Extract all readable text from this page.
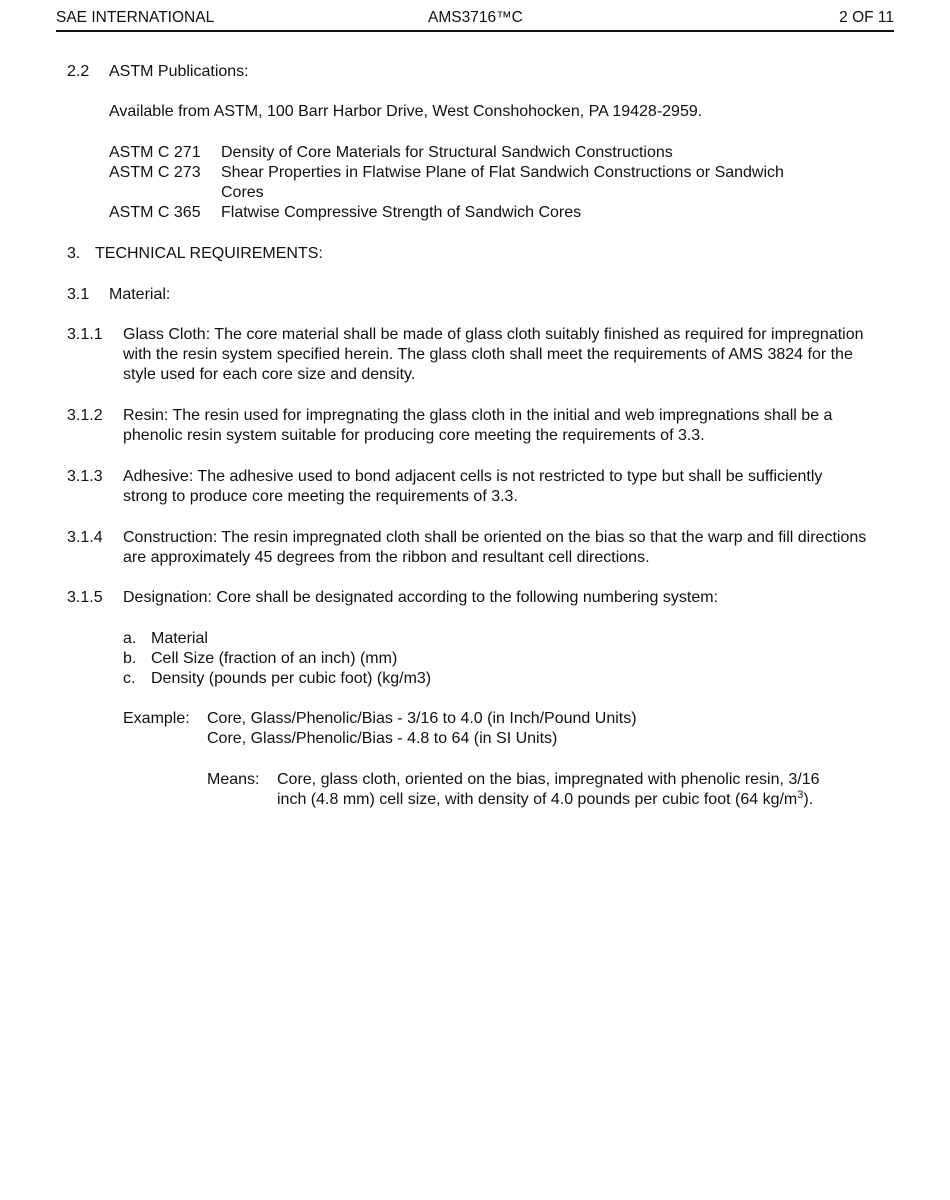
SAE INTERNATIONAL	AMS3716™C	2 OF 11
2.2 ASTM Publications:
Available from ASTM, 100 Barr Harbor Drive, West Conshohocken, PA 19428-2959.
ASTM C 271 Density of Core Materials for Structural Sandwich Constructions
ASTM C 273 Shear Properties in Flatwise Plane of Flat Sandwich Constructions or Sandwich Cores
ASTM C 365 Flatwise Compressive Strength of Sandwich Cores
3. TECHNICAL REQUIREMENTS:
3.1 Material:
3.1.1 Glass Cloth: The core material shall be made of glass cloth suitably finished as required for impregnation with the resin system specified herein. The glass cloth shall meet the requirements of AMS 3824 for the style used for each core size and density.
3.1.2 Resin: The resin used for impregnating the glass cloth in the initial and web impregnations shall be a phenolic resin system suitable for producing core meeting the requirements of 3.3.
3.1.3 Adhesive: The adhesive used to bond adjacent cells is not restricted to type but shall be sufficiently strong to produce core meeting the requirements of 3.3.
3.1.4 Construction: The resin impregnated cloth shall be oriented on the bias so that the warp and fill directions are approximately 45 degrees from the ribbon and resultant cell directions.
3.1.5 Designation: Core shall be designated according to the following numbering system:
a. Material
b. Cell Size (fraction of an inch) (mm)
c. Density (pounds per cubic foot) (kg/m3)
Example: Core, Glass/Phenolic/Bias - 3/16 to 4.0 (in Inch/Pound Units)
Core, Glass/Phenolic/Bias - 4.8 to 64 (in SI Units)
Means: Core, glass cloth, oriented on the bias, impregnated with phenolic resin, 3/16
inch (4.8 mm) cell size, with density of 4.0 pounds per cubic foot (64 $kg/m^3$).
